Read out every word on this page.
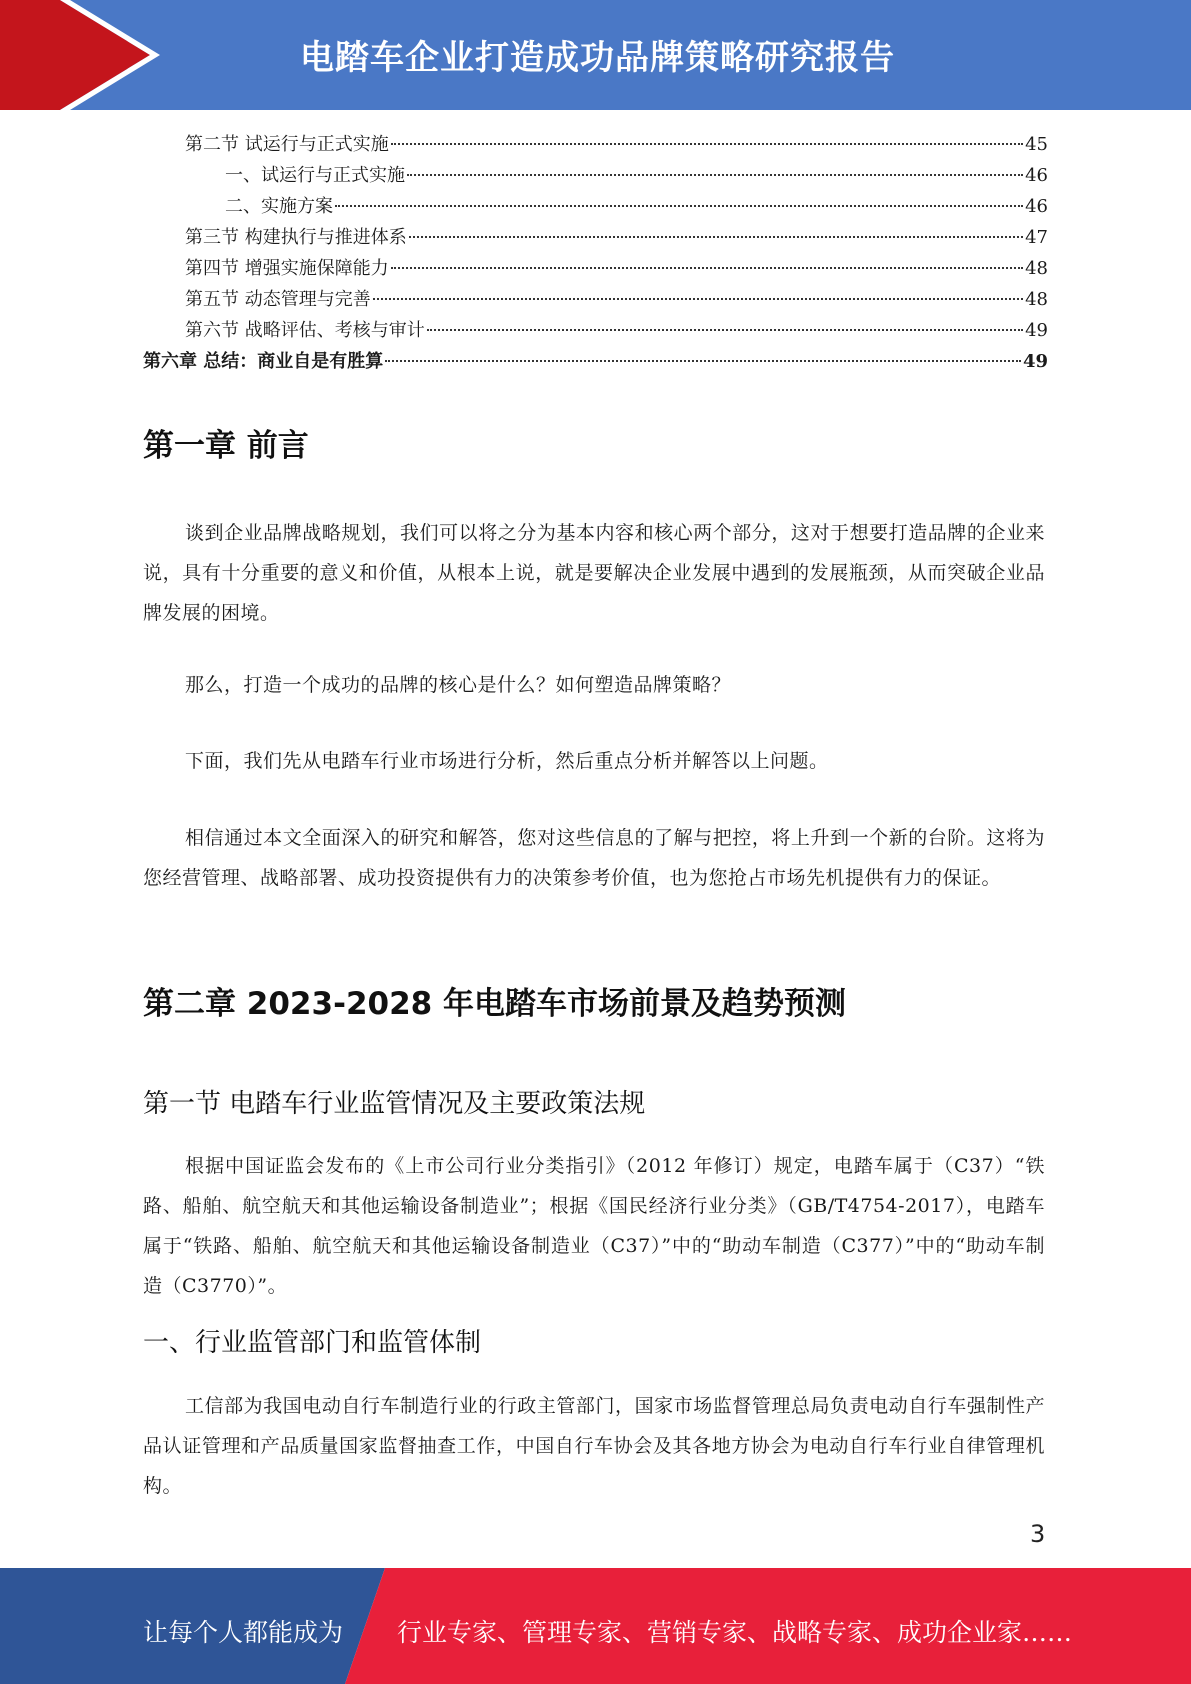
电踏车企业打造成功品牌策略研究报告
第二节 试运行与正式实施	45
一、试运行与正式实施	46
二、实施方案	46
第三节 构建执行与推进体系	47
第四节 增强实施保障能力	48
第五节 动态管理与完善	48
第六节 战略评估、考核与审计	49
第六章 总结：商业自是有胜算	49
第一章 前言
谈到企业品牌战略规划，我们可以将之分为基本内容和核心两个部分，这对于想要打造品牌的企业来说，具有十分重要的意义和价值，从根本上说，就是要解决企业发展中遇到的发展瓶颈，从而突破企业品牌发展的困境。
那么，打造一个成功的品牌的核心是什么？如何塑造品牌策略？
下面，我们先从电踏车行业市场进行分析，然后重点分析并解答以上问题。
相信通过本文全面深入的研究和解答，您对这些信息的了解与把控，将上升到一个新的台阶。这将为您经营管理、战略部署、成功投资提供有力的决策参考价值，也为您抢占市场先机提供有力的保证。
第二章 2023-2028 年电踏车市场前景及趋势预测
第一节 电踏车行业监管情况及主要政策法规
根据中国证监会发布的《上市公司行业分类指引》（2012 年修订）规定，电踏车属于（C37）“铁路、船舶、航空航天和其他运输设备制造业”；根据《国民经济行业分类》（GB/T4754-2017），电踏车属于“铁路、船舶、航空航天和其他运输设备制造业（C37）”中的“助动车制造（C377）”中的“助动车制造（C3770）”。
一、行业监管部门和监管体制
工信部为我国电动自行车制造行业的行政主管部门，国家市场监督管理总局负责电动自行车强制性产品认证管理和产品质量国家监督抽查工作，中国自行车协会及其各地方协会为电动自行车行业自律管理机构。
3
让每个人都能成为 行业专家、管理专家、营销专家、战略专家、成功企业家……
